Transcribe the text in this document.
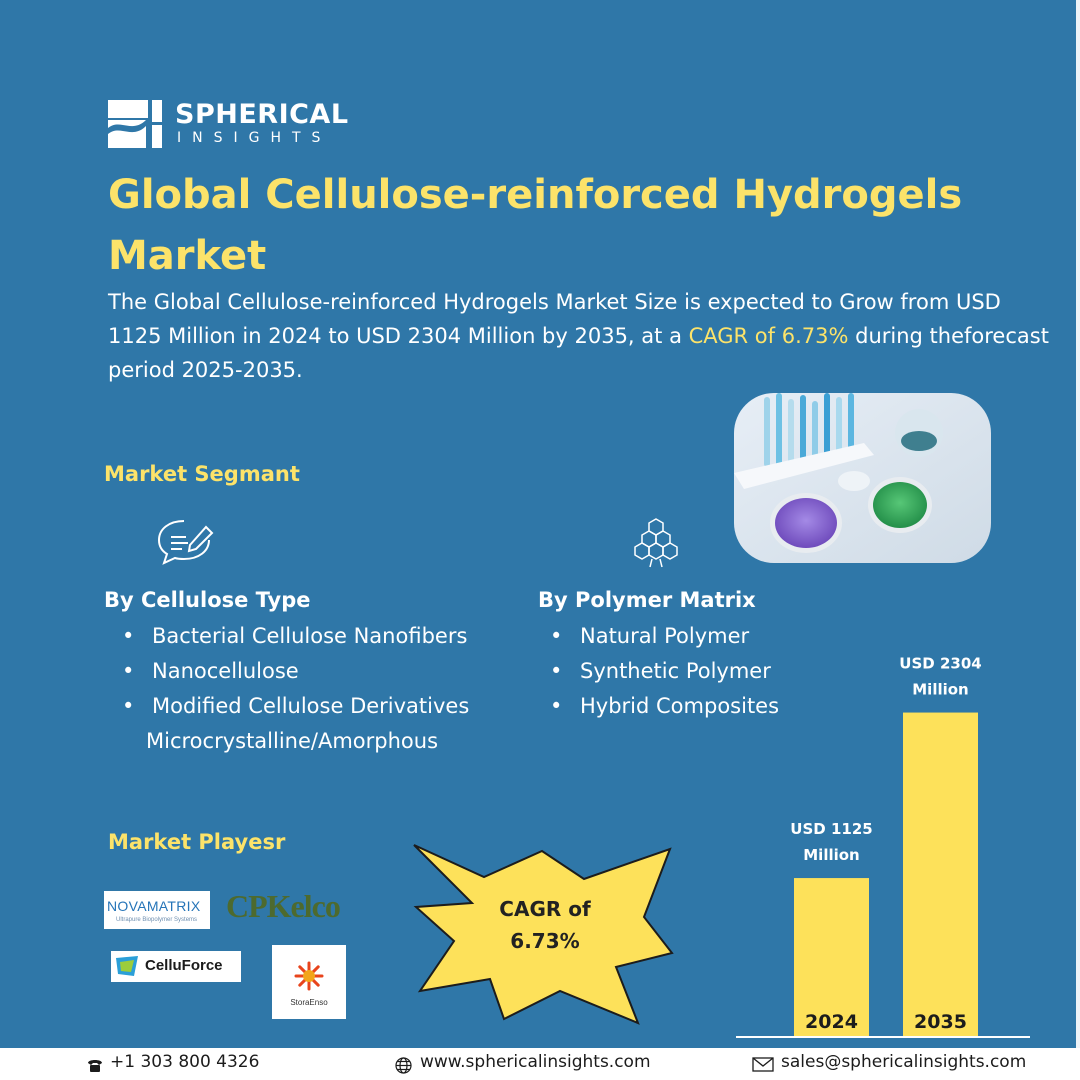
SPHERICAL
INSIGHTS
Global Cellulose-reinforced Hydrogels Market
The Global Cellulose-reinforced Hydrogels Market Size is expected to Grow from USD 1125 Million in 2024 to USD 2304 Million by 2035, at a CAGR of 6.73% during theforecast period 2025-2035.
Market Segmant
By Cellulose Type
• Bacterial Cellulose Nanofibers
• Nanocellulose
• Modified Cellulose Derivatives
Microcrystalline/Amorphous
By Polymer Matrix
• Natural Polymer
• Synthetic Polymer
• Hybrid Composites
Market Playesr
NOVAMATRIX
Ultrapure Biopolymer Systems CPKelco
CelluForce
StoraEnso
CAGR of 6.73%
USD 1125 Million
2024
USD 2304 Million
2035
+1 303 800 4326	www.sphericalinsights.com	sales@sphericalinsights.com
